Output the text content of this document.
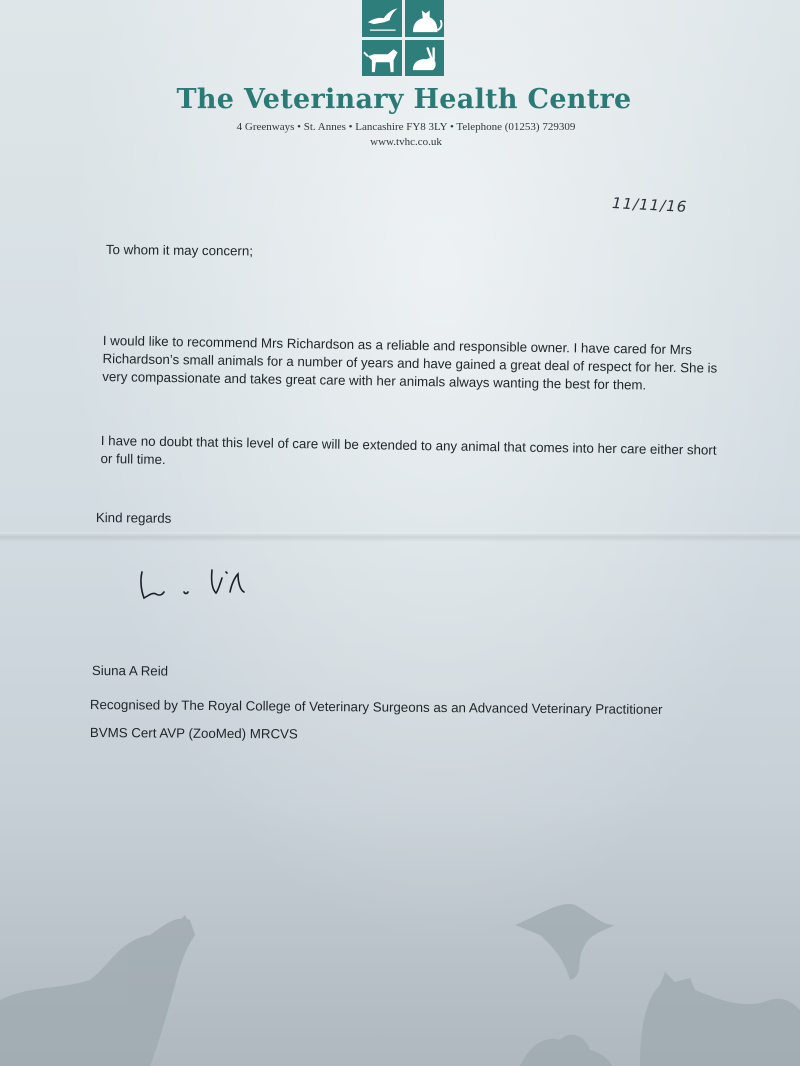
The Veterinary Health Centre
4 Greenways • St. Annes • Lancashire FY8 3LY • Telephone (01253) 729309
www.tvhc.co.uk
11/11/16
To whom it may concern;
I would like to recommend Mrs Richardson as a reliable and responsible owner. I have cared for Mrs Richardson’s small animals for a number of years and have gained a great deal of respect for her. She is very compassionate and takes great care with her animals always wanting the best for them.
I have no doubt that this level of care will be extended to any animal that comes into her care either short or full time.
Kind regards
Siuna A Reid
Recognised by The Royal College of Veterinary Surgeons as an Advanced Veterinary Practitioner
BVMS Cert AVP (ZooMed) MRCVS
